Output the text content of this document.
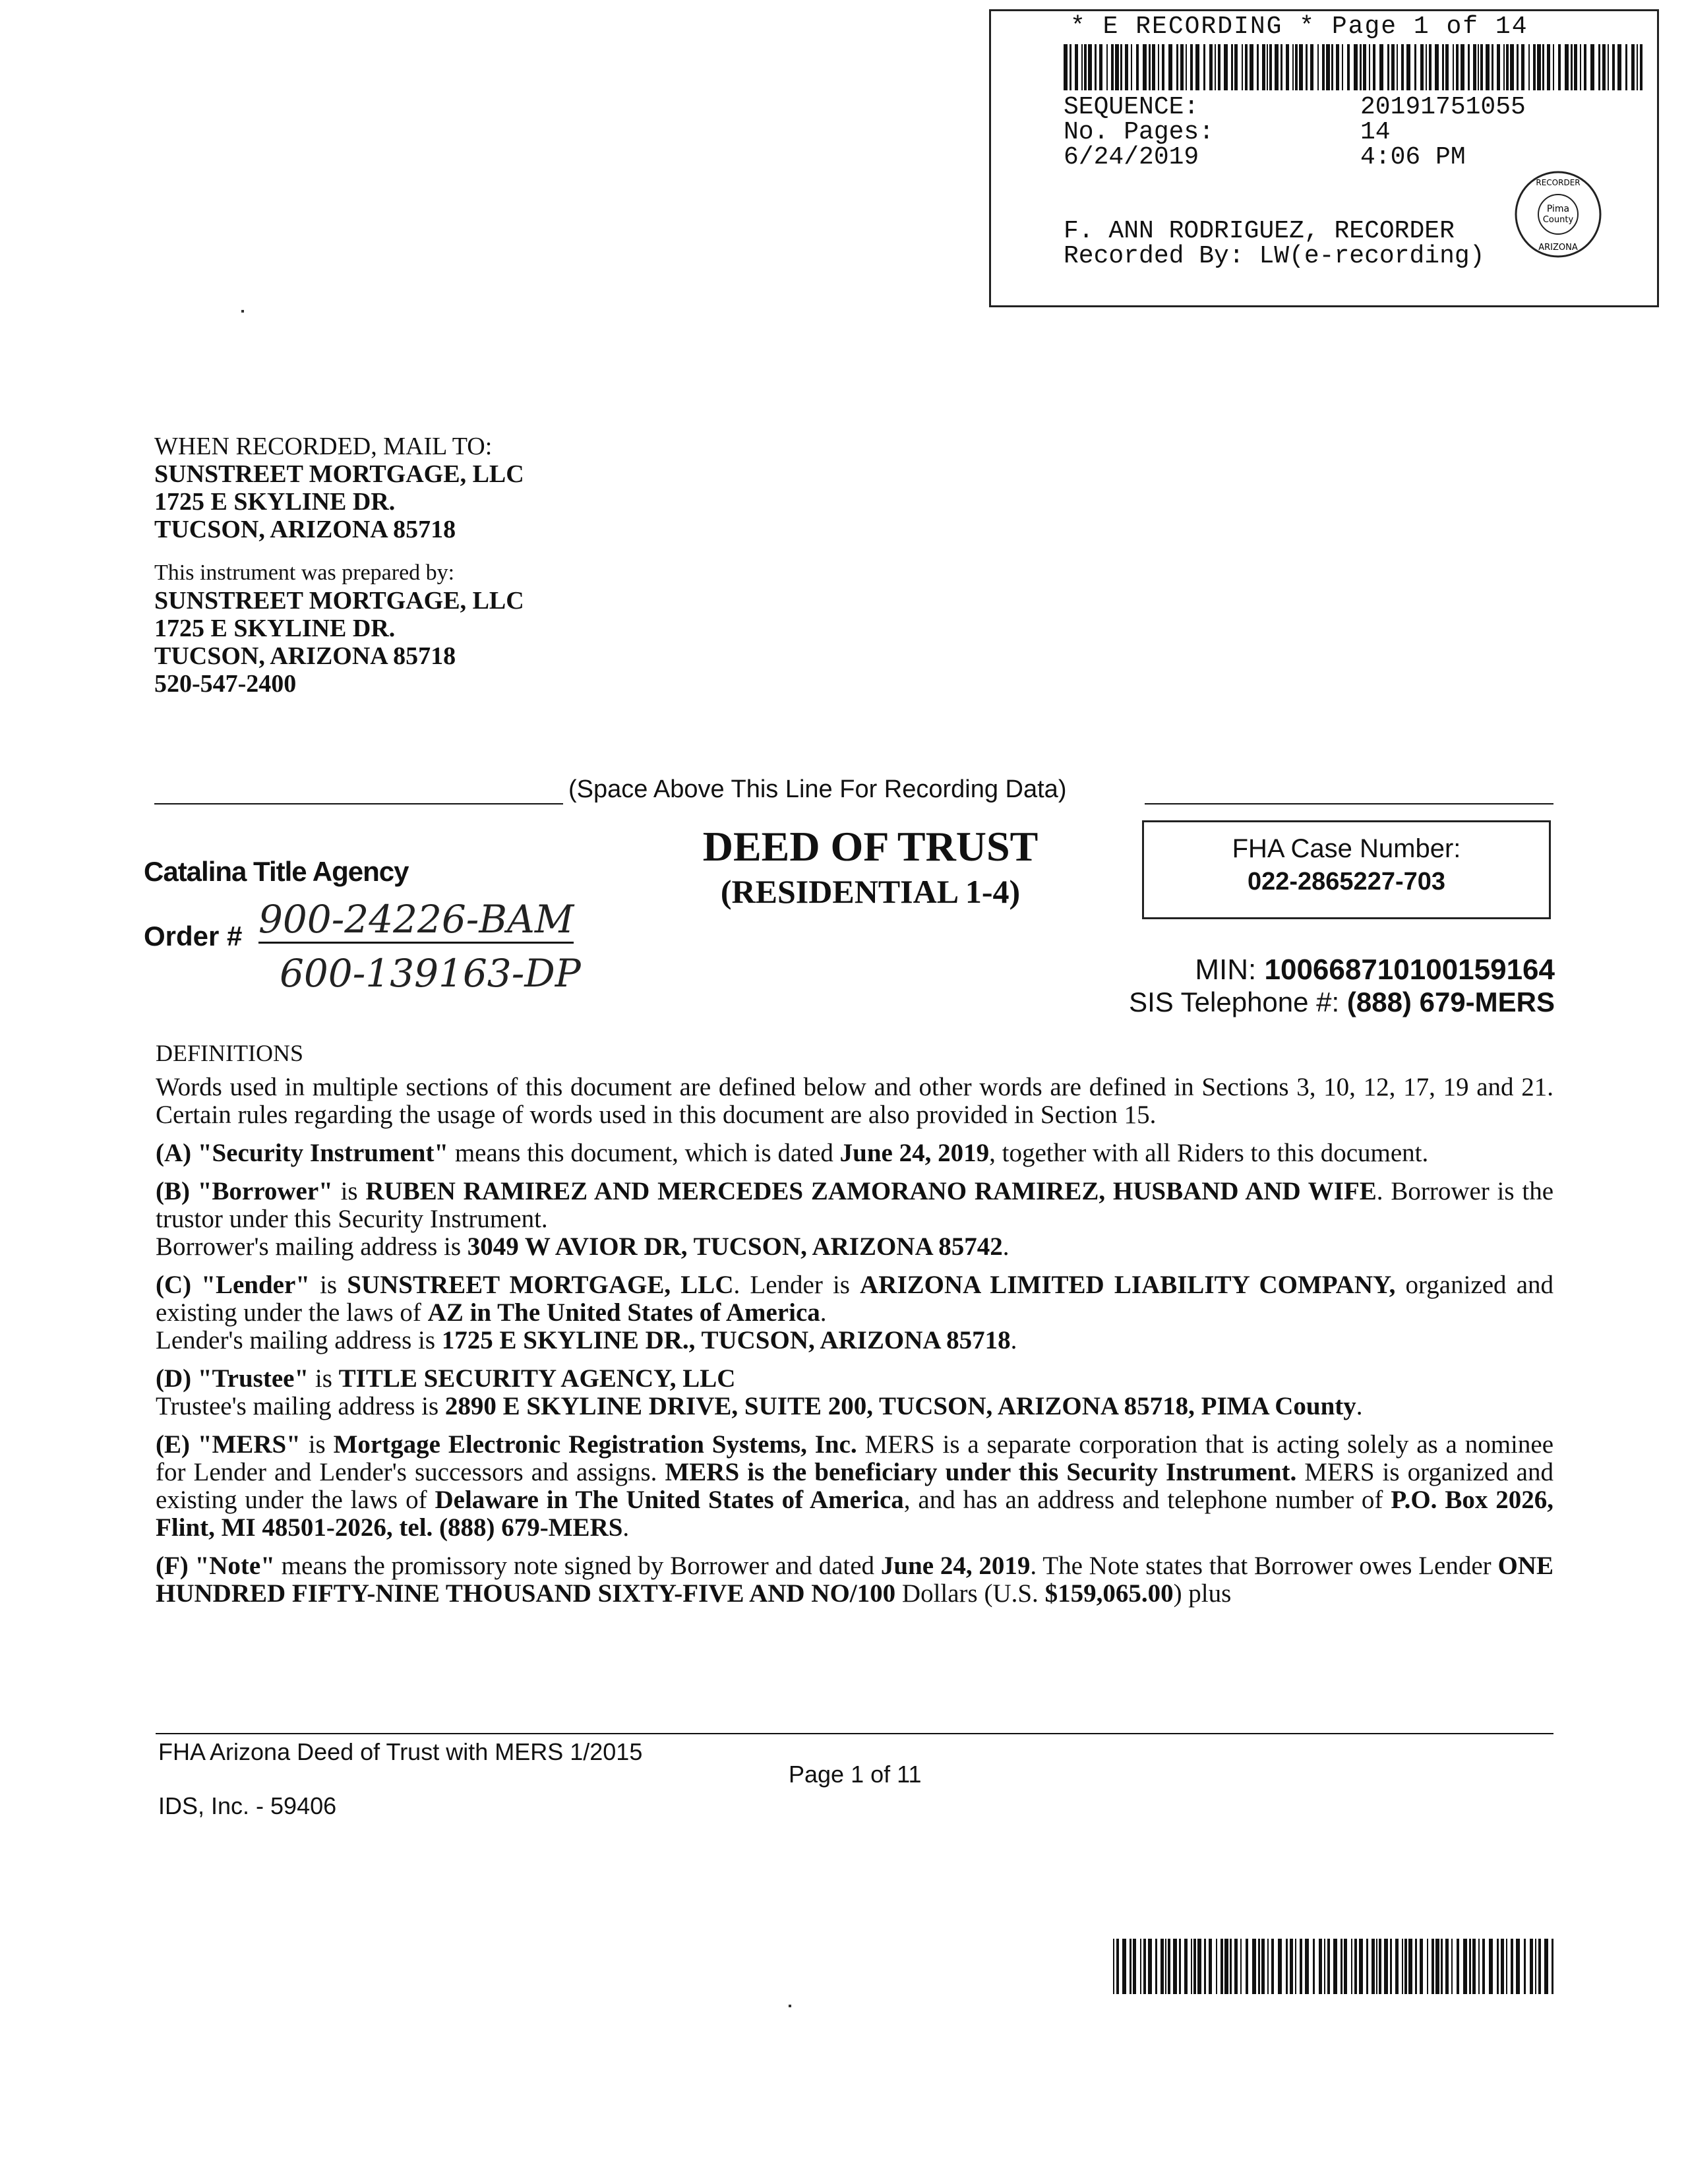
* E RECORDING * Page 1 of 14
SEQUENCE:	20191751055
No. Pages:	14
6/24/2019	4:06 PM
F. ANN RODRIGUEZ, RECORDER
Recorded By: LW(e-recording)
Pima
County
RECORDER
ARIZONA
WHEN RECORDED, MAIL TO:
SUNSTREET MORTGAGE, LLC
1725 E SKYLINE DR.
TUCSON, ARIZONA 85718
This instrument was prepared by:
SUNSTREET MORTGAGE, LLC
1725 E SKYLINE DR.
TUCSON, ARIZONA 85718
520-547-2400
(Space Above This Line For Recording Data)
DEED OF TRUST
(RESIDENTIAL 1-4)
FHA Case Number:
022-2865227-703
Catalina Title Agency
Order # 900-24226-BAM
600-139163-DP	MIN: 100668710100159164
SIS Telephone #: (888) 679-MERS

DEFINITIONS

Words used in multiple sections of this document are defined below and other words are defined in Sections 3, 10, 12, 17, 19 and 21. Certain rules regarding the usage of words used in this document are also provided in Section 15.

(A) "Security Instrument" means this document, which is dated June 24, 2019, together with all Riders to this document.

(B) "Borrower" is RUBEN RAMIREZ AND MERCEDES ZAMORANO RAMIREZ, HUSBAND AND WIFE. Borrower is the trustor under this Security Instrument.
Borrower's mailing address is 3049 W AVIOR DR, TUCSON, ARIZONA 85742.

(C) "Lender" is SUNSTREET MORTGAGE, LLC. Lender is ARIZONA LIMITED LIABILITY COMPANY, organized and existing under the laws of AZ in The United States of America.
Lender's mailing address is 1725 E SKYLINE DR., TUCSON, ARIZONA 85718.

(D) "Trustee" is TITLE SECURITY AGENCY, LLC
Trustee's mailing address is 2890 E SKYLINE DRIVE, SUITE 200, TUCSON, ARIZONA 85718, PIMA County.

(E) "MERS" is Mortgage Electronic Registration Systems, Inc. MERS is a separate corporation that is acting solely as a nominee for Lender and Lender's successors and assigns. MERS is the beneficiary under this Security Instrument. MERS is organized and existing under the laws of Delaware in The United States of America, and has an address and telephone number of P.O. Box 2026, Flint, MI 48501-2026, tel. (888) 679-MERS.

(F) "Note" means the promissory note signed by Borrower and dated June 24, 2019. The Note states that Borrower owes Lender ONE HUNDRED FIFTY-NINE THOUSAND SIXTY-FIVE AND NO/100 Dollars (U.S. $159,065.00) plus

FHA Arizona Deed of Trust with MERS 1/2015
Page 1 of 11
IDS, Inc. - 59406
